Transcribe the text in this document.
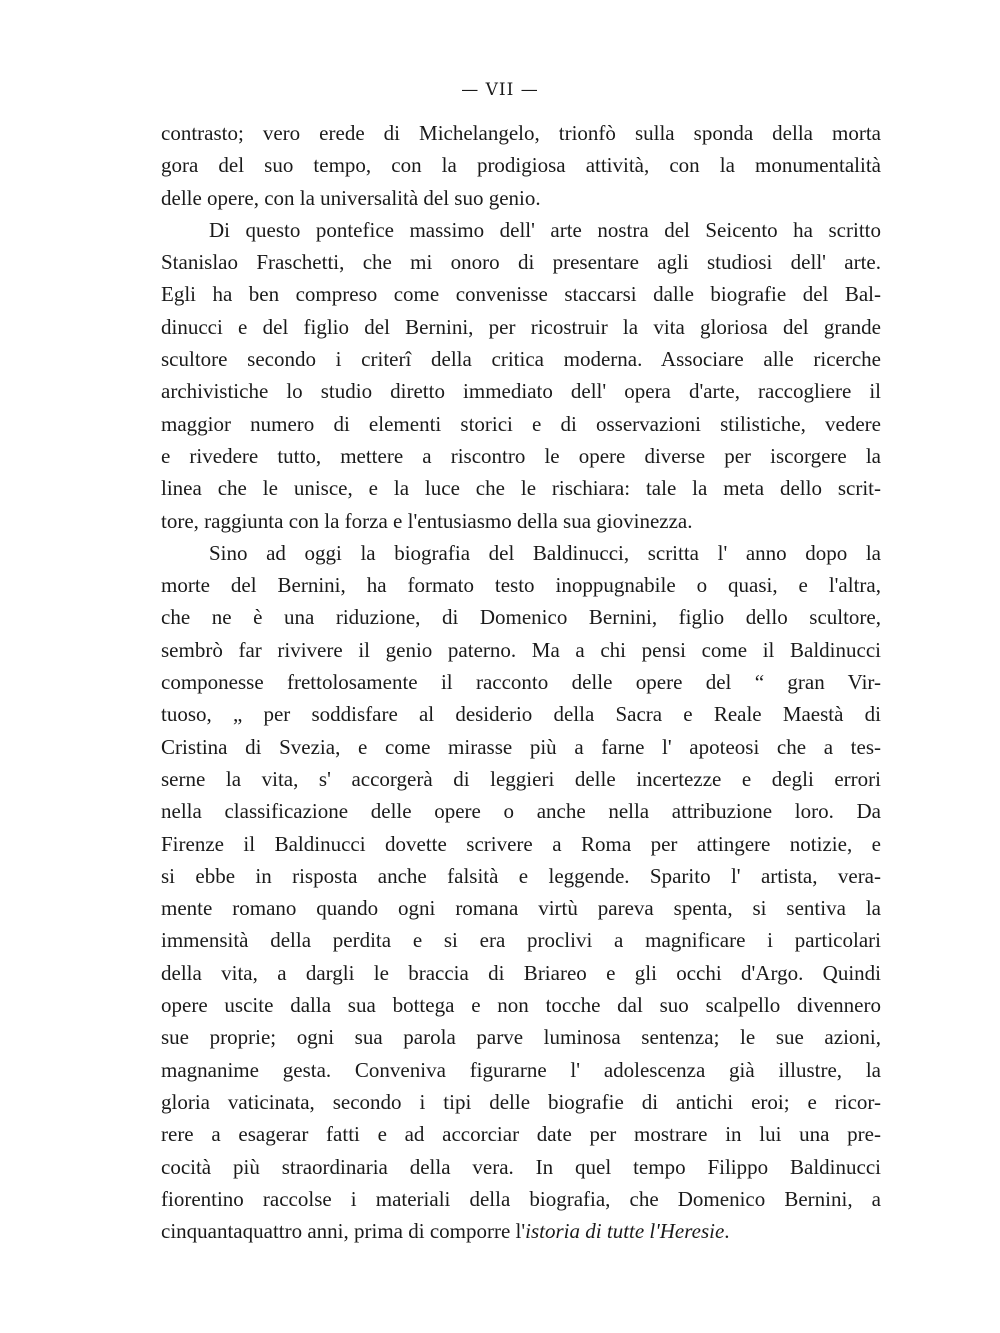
— VII —
contrasto; vero erede di Michelangelo, trionfò sulla sponda della morta
gora del suo tempo, con la prodigiosa attività, con la monumentalità
delle opere, con la universalità del suo genio.
Di questo pontefice massimo dell' arte nostra del Seicento ha scritto
Stanislao Fraschetti, che mi onoro di presentare agli studiosi dell' arte.
Egli ha ben compreso come convenisse staccarsi dalle biografie del Bal-
dinucci e del figlio del Bernini, per ricostruir la vita gloriosa del grande
scultore secondo i criterî della critica moderna. Associare alle ricerche
archivistiche lo studio diretto immediato dell' opera d'arte, raccogliere il
maggior numero di elementi storici e di osservazioni stilistiche, vedere
e rivedere tutto, mettere a riscontro le opere diverse per iscorgere la
linea che le unisce, e la luce che le rischiara: tale la meta dello scrit-
tore, raggiunta con la forza e l'entusiasmo della sua giovinezza.
Sino ad oggi la biografia del Baldinucci, scritta l' anno dopo la
morte del Bernini, ha formato testo inoppugnabile o quasi, e l'altra,
che ne è una riduzione, di Domenico Bernini, figlio dello scultore,
sembrò far rivivere il genio paterno. Ma a chi pensi come il Baldinucci
componesse frettolosamente il racconto delle opere del “ gran Vir-
tuoso, „ per soddisfare al desiderio della Sacra e Reale Maestà di
Cristina di Svezia, e come mirasse più a farne l' apoteosi che a tes-
serne la vita, s' accorgerà di leggieri delle incertezze e degli errori
nella classificazione delle opere o anche nella attribuzione loro. Da
Firenze il Baldinucci dovette scrivere a Roma per attingere notizie, e
si ebbe in risposta anche falsità e leggende. Sparito l' artista, vera-
mente romano quando ogni romana virtù pareva spenta, si sentiva la
immensità della perdita e si era proclivi a magnificare i particolari
della vita, a dargli le braccia di Briareo e gli occhi d'Argo. Quindi
opere uscite dalla sua bottega e non tocche dal suo scalpello divennero
sue proprie; ogni sua parola parve luminosa sentenza; le sue azioni,
magnanime gesta. Conveniva figurarne l' adolescenza già illustre, la
gloria vaticinata, secondo i tipi delle biografie di antichi eroi; e ricor-
rere a esagerar fatti e ad accorciar date per mostrare in lui una pre-
cocità più straordinaria della vera. In quel tempo Filippo Baldinucci
fiorentino raccolse i materiali della biografia, che Domenico Bernini, a
cinquantaquattro anni, prima di comporre l'istoria di tutte l'Heresie.
